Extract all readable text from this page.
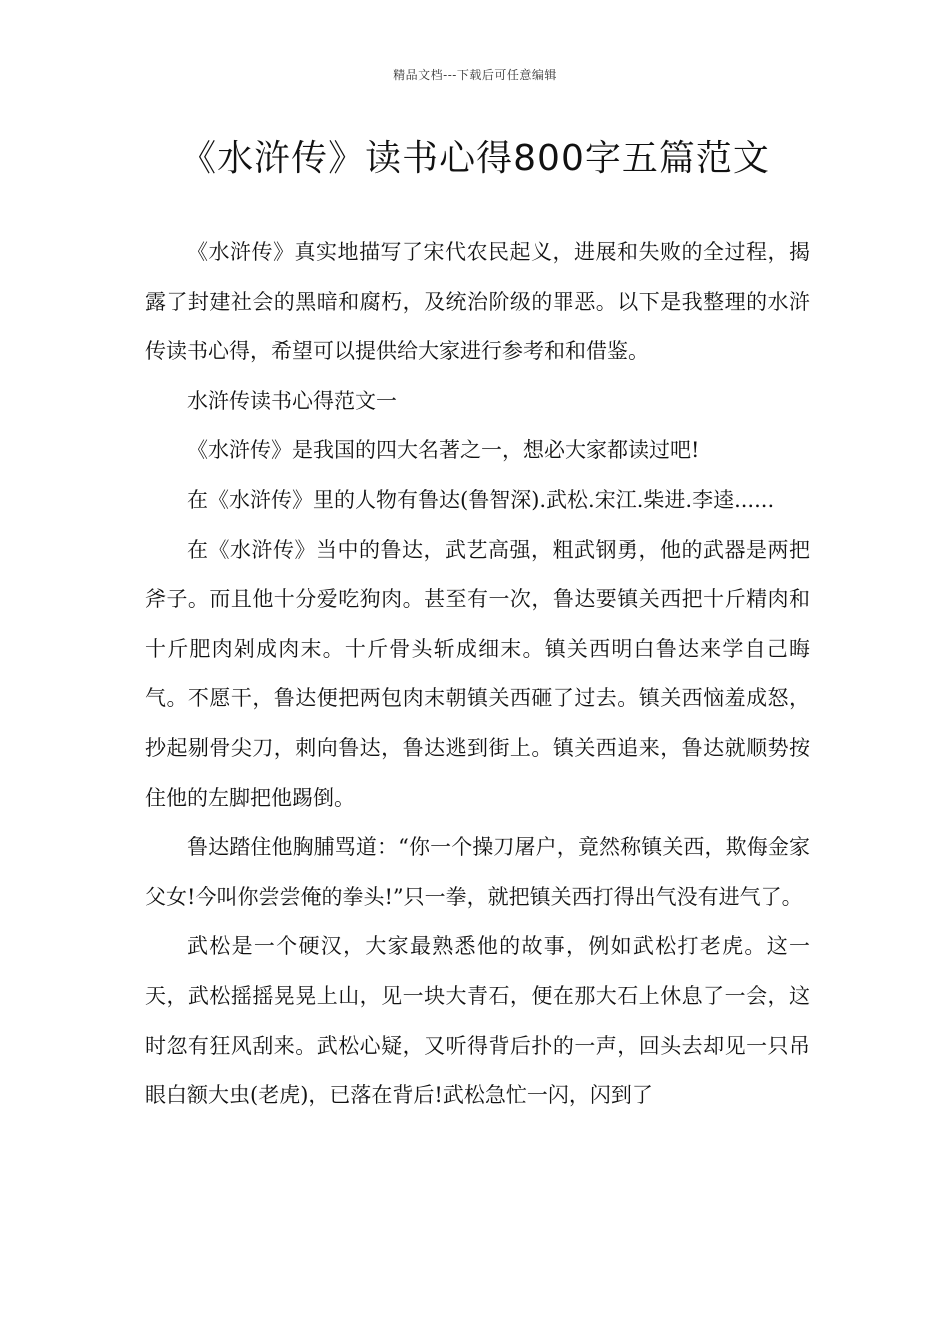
精品文档---下载后可任意编辑
《水浒传》读书心得800字五篇范文

《水浒传》真实地描写了宋代农民起义，进展和失败的全过程，揭露了封建社会的黑暗和腐朽，及统治阶级的罪恶。以下是我整理的水浒传读书心得，希望可以提供给大家进行参考和和借鉴。

水浒传读书心得范文一

《水浒传》是我国的四大名著之一，想必大家都读过吧!

在《水浒传》里的人物有鲁达(鲁智深).武松.宋江.柴进.李逵......

在《水浒传》当中的鲁达，武艺高强，粗武钢勇，他的武器是两把斧子。而且他十分爱吃狗肉。甚至有一次，鲁达要镇关西把十斤精肉和十斤肥肉剁成肉末。十斤骨头斩成细末。镇关西明白鲁达来学自己晦气。不愿干，鲁达便把两包肉末朝镇关西砸了过去。镇关西恼羞成怒，抄起剔骨尖刀，刺向鲁达，鲁达逃到街上。镇关西追来，鲁达就顺势按住他的左脚把他踢倒。

鲁达踏住他胸脯骂道：“你一个操刀屠户，竟然称镇关西，欺侮金家父女!今叫你尝尝俺的拳头!”只一拳，就把镇关西打得出气没有进气了。

武松是一个硬汉，大家最熟悉他的故事，例如武松打老虎。这一天，武松摇摇晃晃上山，见一块大青石，便在那大石上休息了一会，这时忽有狂风刮来。武松心疑，又听得背后扑的一声，回头去却见一只吊眼白额大虫(老虎)，已落在背后!武松急忙一闪，闪到了
